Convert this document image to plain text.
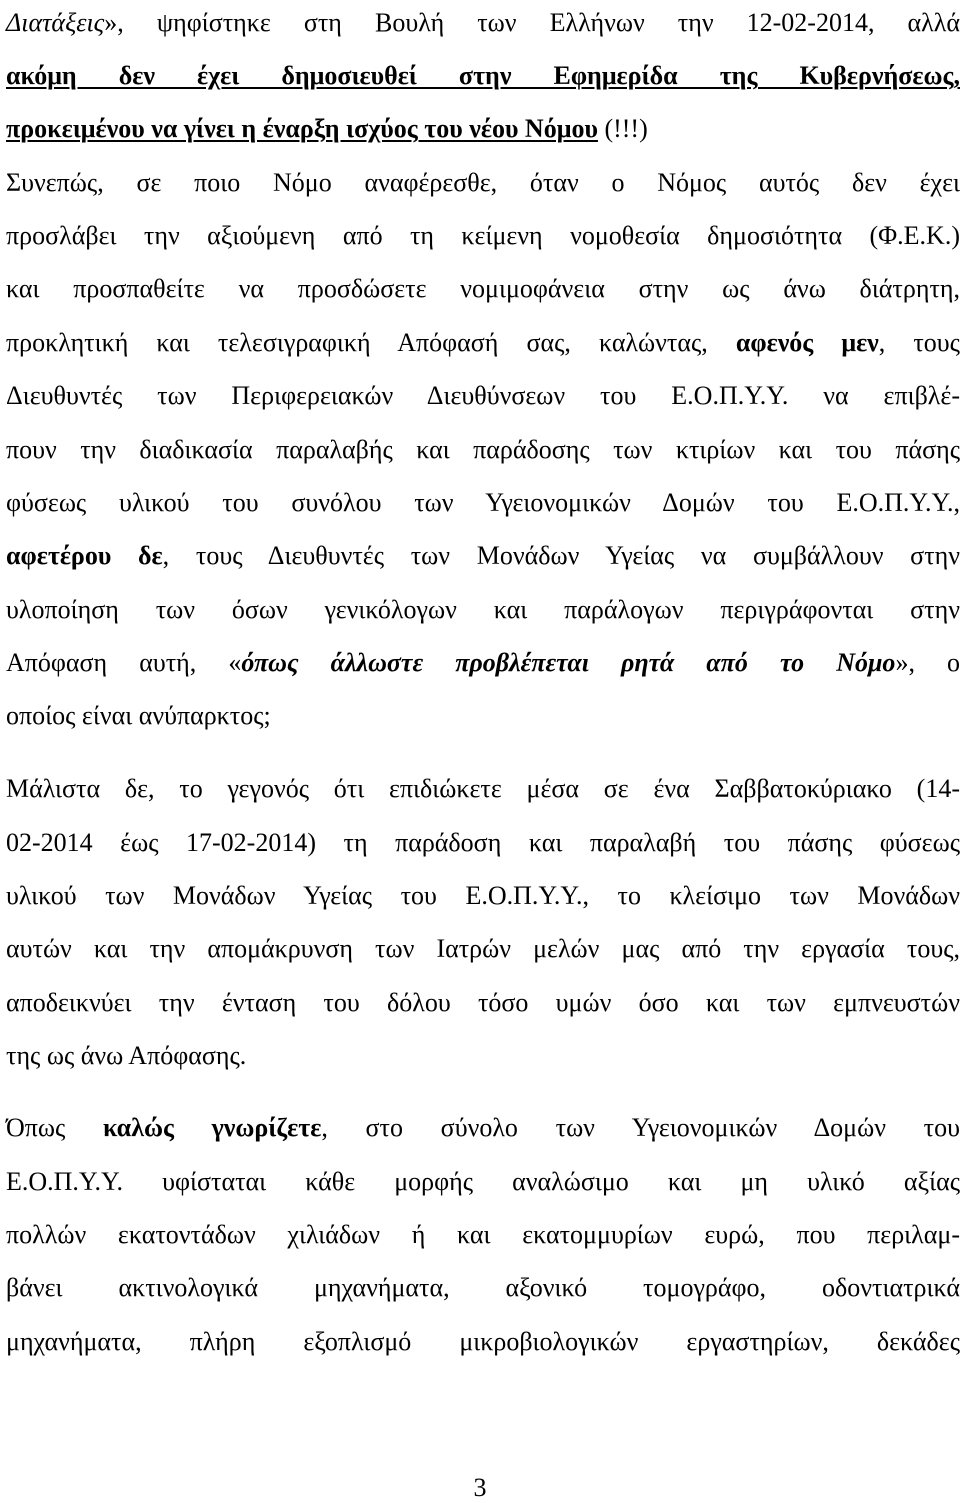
Διατάξεις», ψηφίστηκε στη Βουλή των Ελλήνων την 12-02-2014, αλλά
ακόμη δεν έχει δημοσιευθεί στην Εφημερίδα της Κυβερνήσεως,
προκειμένου να γίνει η έναρξη ισχύος του νέου Νόμου (!!!)
Συνεπώς, σε ποιο Νόμο αναφέρεσθε, όταν ο Νόμος αυτός δεν έχει
προσλάβει την αξιούμενη από τη κείμενη νομοθεσία δημοσιότητα (Φ.Ε.Κ.)
και προσπαθείτε να προσδώσετε νομιμοφάνεια στην ως άνω διάτρητη,
προκλητική και τελεσιγραφική Απόφασή σας, καλώντας, αφενός μεν, τους
Διευθυντές των Περιφερειακών Διευθύνσεων του Ε.Ο.Π.Υ.Υ. να επιβλέ-
πουν την διαδικασία παραλαβής και παράδοσης των κτιρίων και του πάσης
φύσεως υλικού του συνόλου των Υγειονομικών Δομών του Ε.Ο.Π.Υ.Υ.,
αφετέρου δε, τους Διευθυντές των Μονάδων Υγείας να συμβάλλουν στην
υλοποίηση των όσων γενικόλογων και παράλογων περιγράφονται στην
Απόφαση αυτή, «όπως άλλωστε προβλέπεται ρητά από το Νόμο», ο
οποίος είναι ανύπαρκτος;
Μάλιστα δε, το γεγονός ότι επιδιώκετε μέσα σε ένα Σαββατοκύριακο (14-
02-2014 έως 17-02-2014) τη παράδοση και παραλαβή του πάσης φύσεως
υλικού των Μονάδων Υγείας του Ε.Ο.Π.Υ.Υ., το κλείσιμο των Μονάδων
αυτών και την απομάκρυνση των Ιατρών μελών μας από την εργασία τους,
αποδεικνύει την ένταση του δόλου τόσο υμών όσο και των εμπνευστών
της ως άνω Απόφασης.
Όπως καλώς γνωρίζετε, στο σύνολο των Υγειονομικών Δομών του
Ε.Ο.Π.Υ.Υ. υφίσταται κάθε μορφής αναλώσιμο και μη υλικό αξίας
πολλών εκατοντάδων χιλιάδων ή και εκατομμυρίων ευρώ, που περιλαμ-
βάνει ακτινολογικά μηχανήματα, αξονικό τομογράφο, οδοντιατρικά
μηχανήματα, πλήρη εξοπλισμό μικροβιολογικών εργαστηρίων, δεκάδες
3
